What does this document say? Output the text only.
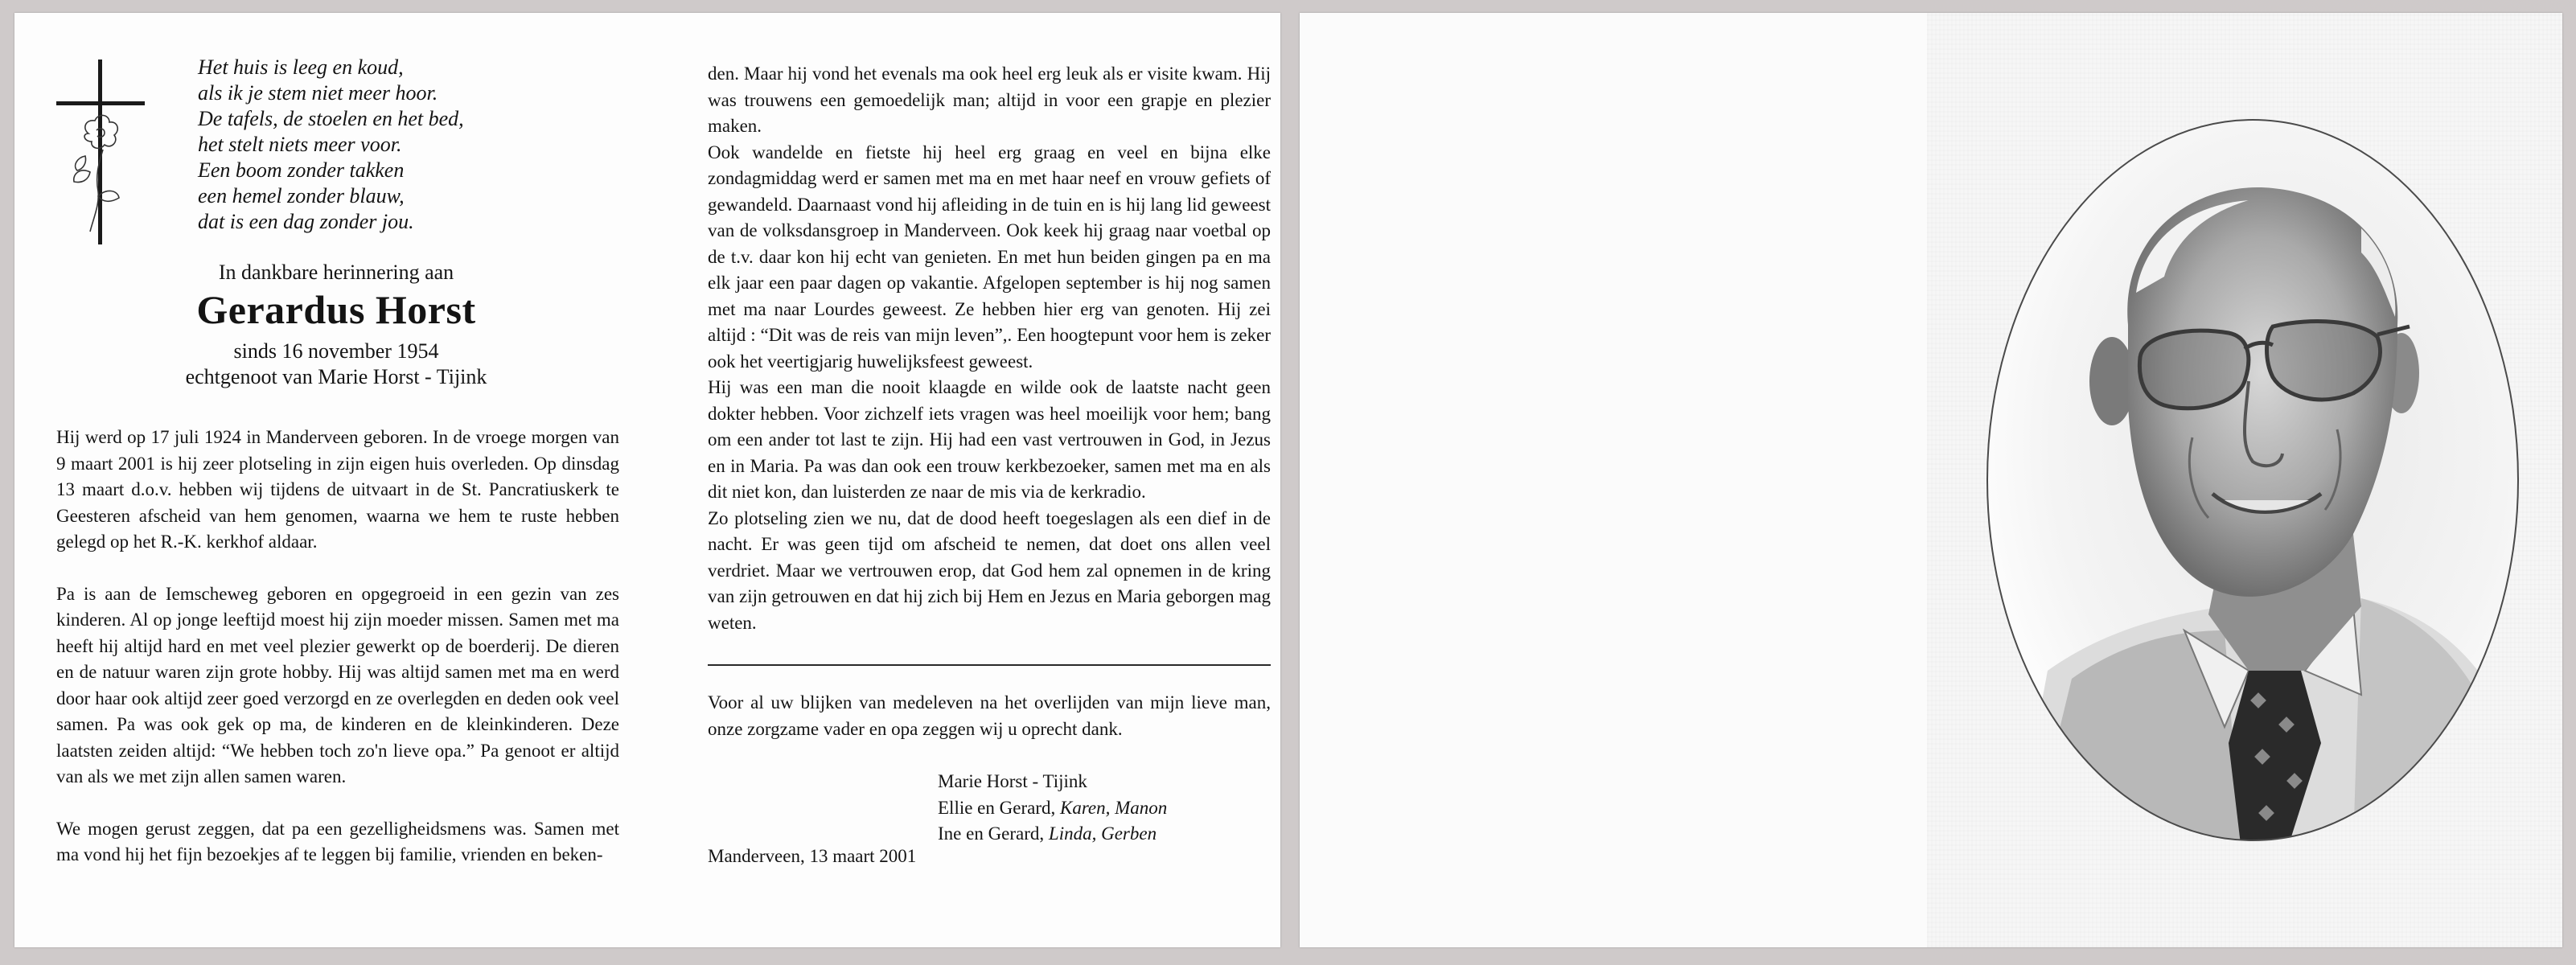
Het huis is leeg en koud,
als ik je stem niet meer hoor.
De tafels, de stoelen en het bed,
het stelt niets meer voor.
Een boom zonder takken
een hemel zonder blauw,
dat is een dag zonder jou.
In dankbare herinnering aan
Gerardus Horst
sinds 16 november 1954
echtgenoot van Marie Horst - Tijink

Hij werd op 17 juli 1924 in Manderveen geboren. In de vroege morgen van 9 maart 2001 is hij zeer plotseling in zijn eigen huis overleden. Op dinsdag 13 maart d.o.v. hebben wij tijdens de uitvaart in de St. Pancratiuskerk te Geesteren afscheid van hem genomen, waarna we hem te ruste hebben gelegd op het R.-K. kerkhof aldaar.

Pa is aan de Iemscheweg geboren en opgegroeid in een gezin van zes kinderen. Al op jonge leeftijd moest hij zijn moeder missen. Samen met ma heeft hij altijd hard en met veel plezier gewerkt op de boerderij. De dieren en de natuur waren zijn grote hobby. Hij was altijd samen met ma en werd door haar ook altijd zeer goed verzorgd en ze overlegden en deden ook veel samen. Pa was ook gek op ma, de kinderen en de kleinkinderen. Deze laatsten zeiden altijd: “We hebben toch zo'n lieve opa.” Pa genoot er altijd van als we met zijn allen samen waren.

We mogen gerust zeggen, dat pa een gezelligheidsmens was. Samen met ma vond hij het fijn bezoekjes af te leggen bij familie, vrienden en beken-

den. Maar hij vond het evenals ma ook heel erg leuk als er visite kwam. Hij was trouwens een gemoedelijk man; altijd in voor een grapje en plezier maken.

Ook wandelde en fietste hij heel erg graag en veel en bijna elke zondagmiddag werd er samen met ma en met haar neef en vrouw gefiets of gewandeld. Daarnaast vond hij afleiding in de tuin en is hij lang lid geweest van de volksdansgroep in Manderveen. Ook keek hij graag naar voetbal op de t.v. daar kon hij echt van genieten. En met hun beiden gingen pa en ma elk jaar een paar dagen op vakantie. Afgelopen september is hij nog samen met ma naar Lourdes geweest. Ze hebben hier erg van genoten. Hij zei altijd : “Dit was de reis van mijn leven”,. Een hoogtepunt voor hem is zeker ook het veertigjarig huwelijksfeest geweest.

Hij was een man die nooit klaagde en wilde ook de laatste nacht geen dokter hebben. Voor zichzelf iets vragen was heel moeilijk voor hem; bang om een ander tot last te zijn. Hij had een vast vertrouwen in God, in Jezus en in Maria. Pa was dan ook een trouw kerkbezoeker, samen met ma en als dit niet kon, dan luisterden ze naar de mis via de kerkradio.

Zo plotseling zien we nu, dat de dood heeft toegeslagen als een dief in de nacht. Er was geen tijd om afscheid te nemen, dat doet ons allen veel verdriet. Maar we vertrouwen erop, dat God hem zal opnemen in de kring van zijn getrouwen en dat hij zich bij Hem en Jezus en Maria geborgen mag weten.

Voor al uw blijken van medeleven na het overlijden van mijn lieve man, onze zorgzame vader en opa zeggen wij u oprecht dank.
Marie Horst - Tijink
Ellie en Gerard, Karen, Manon
Ine en Gerard, Linda, Gerben
Manderveen, 13 maart 2001
